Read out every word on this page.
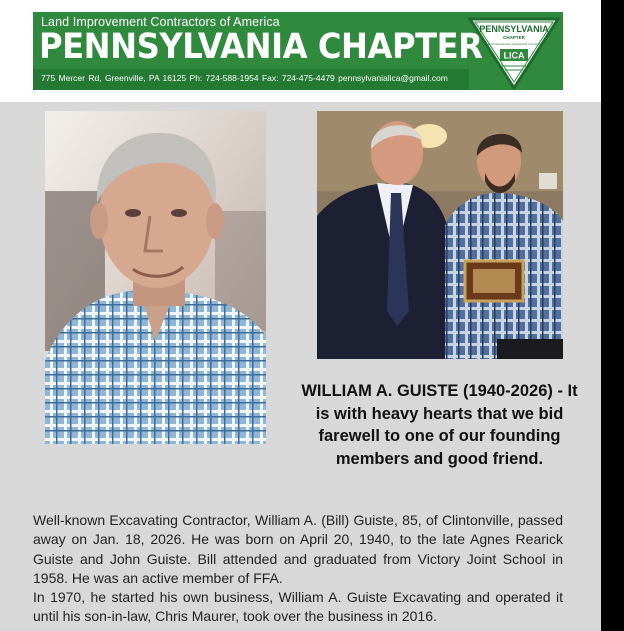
Land Improvement Contractors of America
PENNSYLVANIA CHAPTER
775 Mercer Rd, Greenville, PA 16125 Ph: 724-588-1954 Fax: 724-475-4479 pennsylvanialica@gmail.com
PENNSYLVANIA
CHAPTER
Land Improvement Contractors of America
LICA
WILLIAM A. GUISTE (1940-2026) - It is with heavy hearts that we bid farewell to one of our founding members and good friend.

Well-known Excavating Contractor, William A. (Bill) Guiste, 85, of Clintonville, passed away on Jan. 18, 2026. He was born on April 20, 1940, to the late Agnes Rearick Guiste and John Guiste. Bill attended and graduated from Victory Joint School in 1958. He was an active member of FFA.

In 1970, he started his own business, William A. Guiste Excavating and operated it until his son-in-law, Chris Maurer, took over the business in 2016.
